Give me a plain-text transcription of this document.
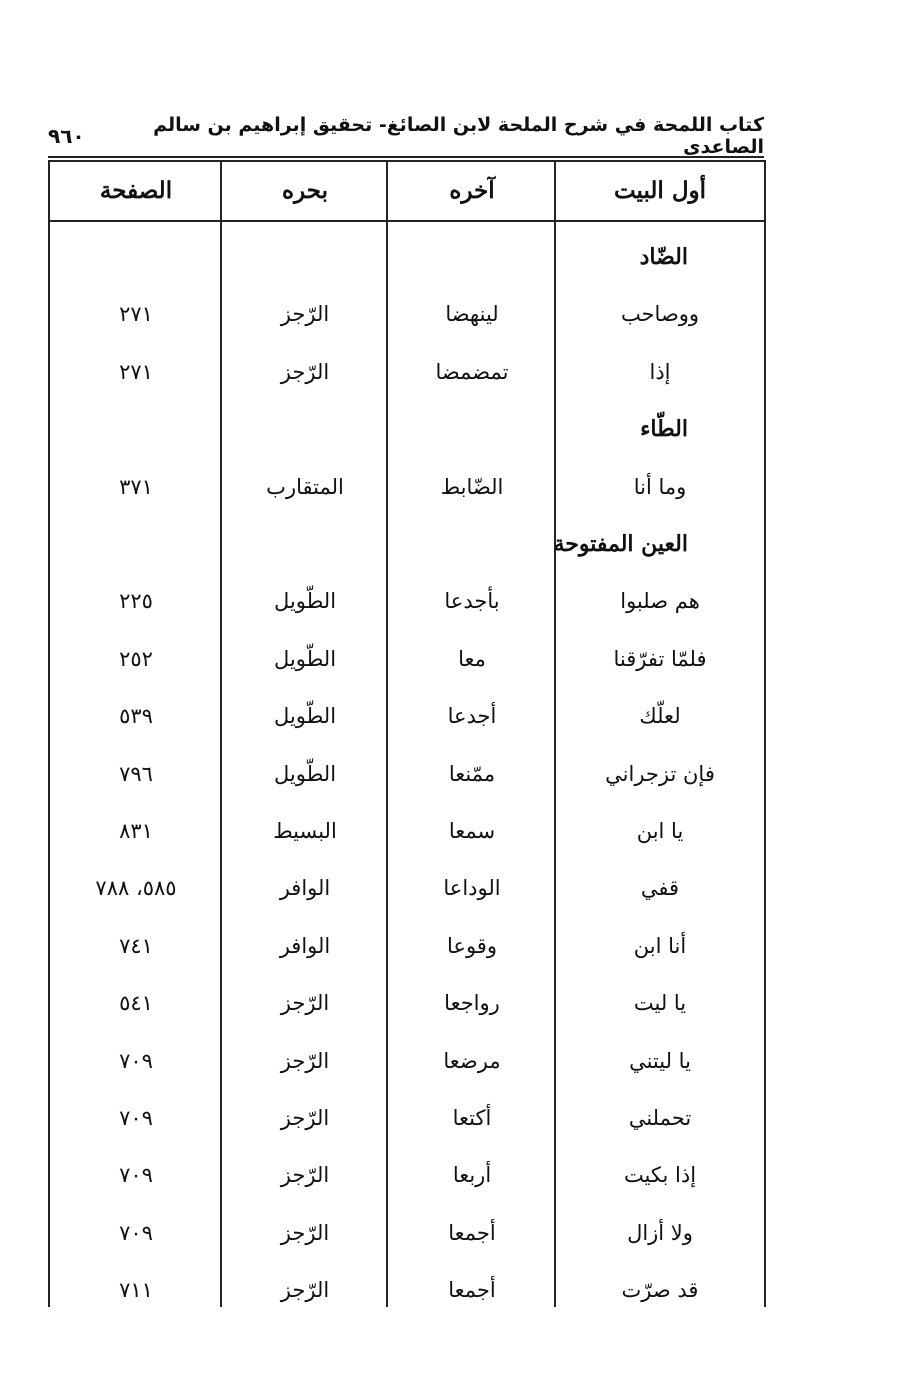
كتاب اللمحة في شرح الملحة لابن الصائغ- تحقيق إبراهيم بن سالم الصاعدي
٩٦٠
أول البيت
آخره
بحره
الصفحة
الضّاد
ووصاحب
لينهضا
الرّجز
٢٧١
إذا
تمضمضا
الرّجز
٢٧١
الطّاء
وما أنا
الضّابط
المتقارب
٣٧١
العين المفتوحة
هم صلبوا
بأجدعا
الطّويل
٢٢٥
فلمّا تفرّقنا
معا
الطّويل
٢٥٢
لعلّك
أجدعا
الطّويل
٥٣٩
فإن تزجراني
ممّنعا
الطّويل
٧٩٦
يا ابن
سمعا
البسيط
٨٣١
قفي
الوداعا
الوافر
٥٨٥، ٧٨٨
أنا ابن
وقوعا
الوافر
٧٤١
يا ليت
رواجعا
الرّجز
٥٤١
يا ليتني
مرضعا
الرّجز
٧٠٩
تحملني
أكتعا
الرّجز
٧٠٩
إذا بكيت
أربعا
الرّجز
٧٠٩
ولا أزال
أجمعا
الرّجز
٧٠٩
قد صرّت
أجمعا
الرّجز
٧١١
